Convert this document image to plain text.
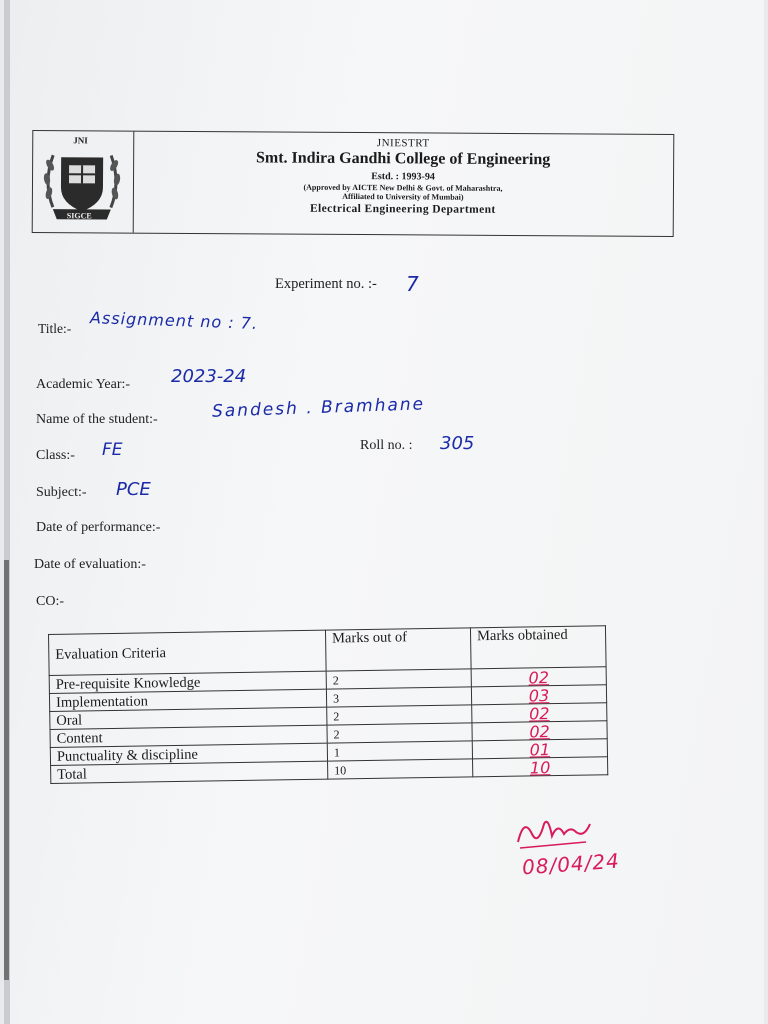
JNI
SIGCE
JNIESTRT
Smt. Indira Gandhi College of Engineering
Estd. : 1993-94
(Approved by AICTE New Delhi & Govt. of Maharashtra,
Affiliated to University of Mumbai)
Electrical Engineering Department
Experiment no. :- 7
Title:- Assignment no : 7.
Academic Year:- 2023-24
Name of the student:-	Sandesh . Bramhane
Class:- FE	Roll no. : 305
Subject:- PCE
Date of performance:-
Date of evaluation:-
CO:-
Evaluation Criteria	Marks out of	Marks obtained
Pre-requisite Knowledge	2	02
Implementation	3	03
Oral	2	02
Content	2	02
Punctuality & discipline	1	01
Total	10	10
08/04/24
